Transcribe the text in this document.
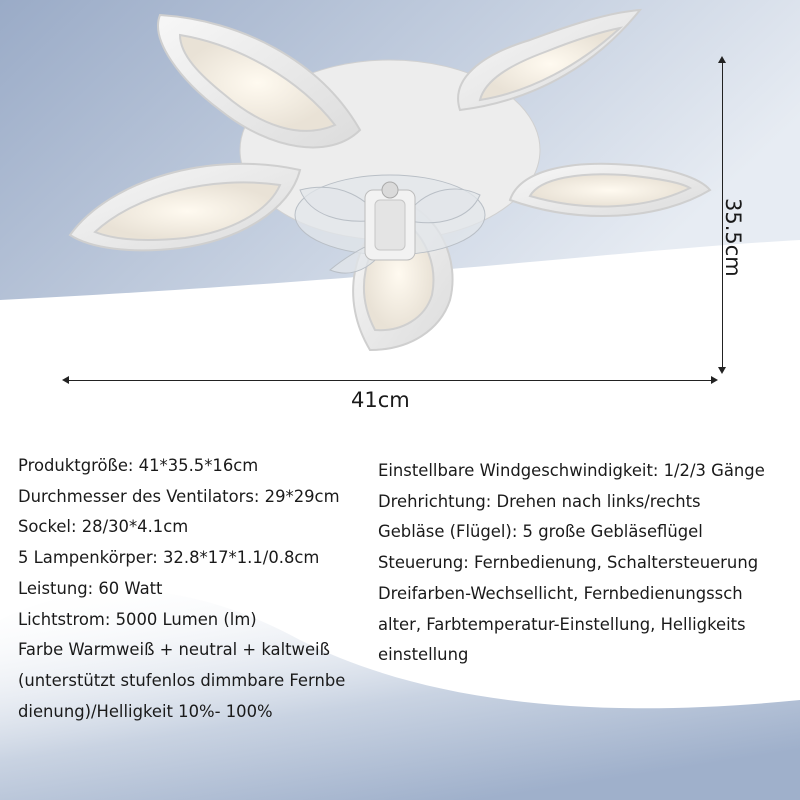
35.5cm
41cm
Produktgröße: 41*35.5*16cm
Durchmesser des Ventilators: 29*29cm
Sockel: 28/30*4.1cm
5 Lampenkörper: 32.8*17*1.1/0.8cm
Leistung: 60 Watt
Lichtstrom: 5000 Lumen (lm)
Farbe Warmweiß + neutral + kaltweiß
(unterstützt stufenlos dimmbare Fernbe
dienung)/Helligkeit 10%- 100%
Einstellbare Windgeschwindigkeit: 1/2/3 Gänge
Drehrichtung: Drehen nach links/rechts
Gebläse (Flügel): 5 große Gebläseflügel
Steuerung: Fernbedienung, Schaltersteuerung
Dreifarben-Wechsellicht, Fernbedienungssch
alter, Farbtemperatur-Einstellung, Helligkeits
einstellung
